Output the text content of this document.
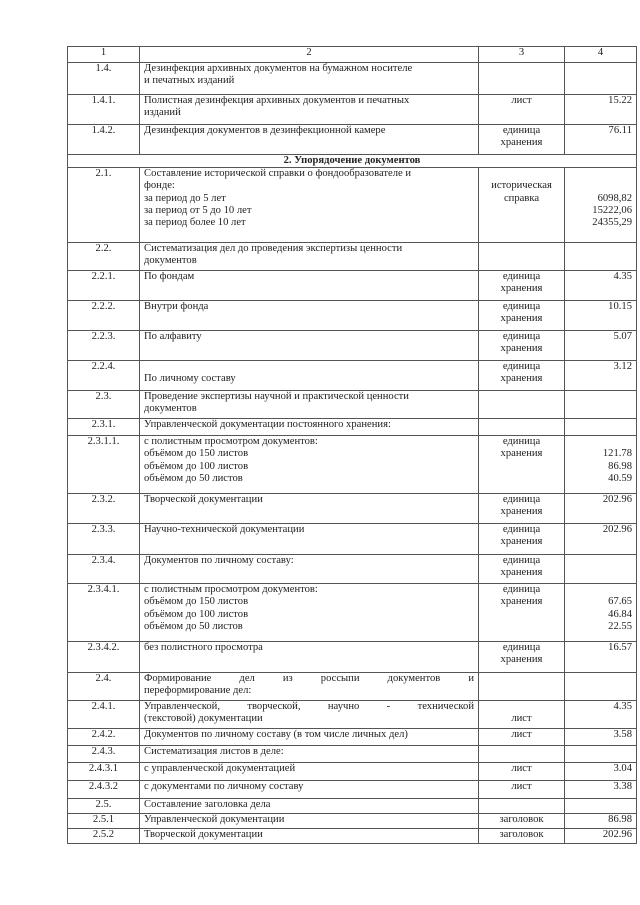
1	2	3	4
1.4.	Дезинфекция архивных документов на бумажном носителе
и печатных изданий		

1.4.1.	Полистная дезинфекция архивных документов и печатных
изданий	лист	15.22

1.4.2.	Дезинфекция документов в дезинфекционной камере	единица
хранения	76.11

2. Упорядочение документов			
2.1.	Составление исторической справки о фондообразователе и
фонде:
за период до 5 лет
за период от 5 до 10 лет
за период более 10 лет	историческая
справка	6098,82
15222,06
24355,29

2.2.	Систематизация дел до проведения экспертизы ценности
документов		

2.2.1.	По фондам	единица
хранения	4.35

2.2.2.	Внутри фонда	единица
хранения	10.15

2.2.3.	По алфавиту	единица
хранения	5.07

2.2.4.	По личному составу	единица
хранения	3.12

2.3.	Проведение экспертизы научной и практической ценности
документов		

2.3.1.	Управленческой документации постоянного хранения:		

2.3.1.1.	с полистным просмотром документов:
объёмом до 150 листов
объёмом до 100 листов
объёмом до 50 листов	единица
хранения	121.78
86.98
40.59

2.3.2.	Творческой документации	единица
хранения	202.96

2.3.3.	Научно-технической документации	единица
хранения	202.96

2.3.4.	Документов по личному составу:	единица
хранения	

2.3.4.1.	с полистным просмотром документов:
объёмом до 150 листов
объёмом до 100 листов
объёмом до 50 листов	единица
хранения	67.65
46.84
22.55

2.3.4.2.	без полистного просмотра	единица
хранения	16.57

2.4.	Формирование дел из россыпи документов и
переформирование дел:		

2.4.1.	Управленческой, творческой, научно - технической
(текстовой) документации	лист	4.35

2.4.2.	Документов по личному составу (в том числе личных дел)	лист	3.58

2.4.3.	Систематизация листов в деле:		

2.4.3.1	с управленческой документацией	лист	3.04

2.4.3.2	с документами по личному составу	лист	3.38

2.5.	Составление заголовка дела		

2.5.1	Управленческой документации	заголовок	86.98

2.5.2	Творческой документации	заголовок	202.96
